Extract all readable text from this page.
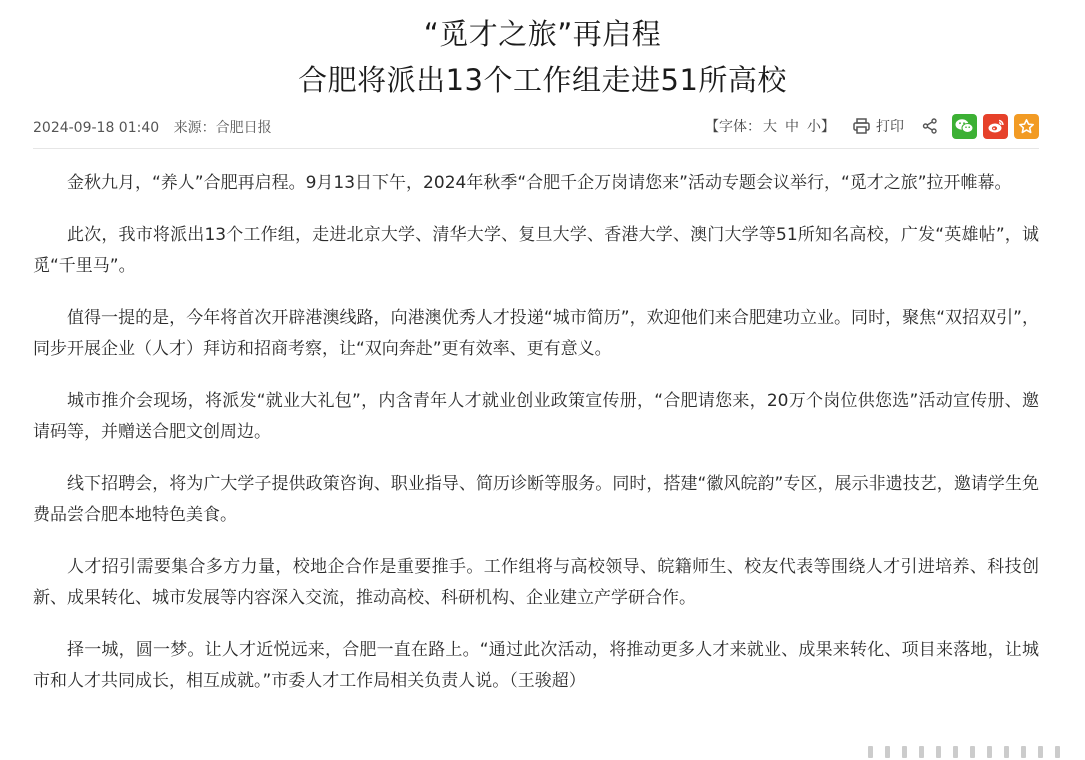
“觅才之旅”再启程
合肥将派出13个工作组走进51所高校
2024-09-18 01:40 来源：合肥日报	【字体： 大 中 小】	打印

金秋九月，“养人”合肥再启程。9月13日下午，2024年秋季“合肥千企万岗请您来”活动专题会议举行，“觅才之旅”拉开帷幕。

此次，我市将派出13个工作组，走进北京大学、清华大学、复旦大学、香港大学、澳门大学等51所知名高校，广发“英雄帖”，诚觅“千里马”。

值得一提的是，今年将首次开辟港澳线路，向港澳优秀人才投递“城市简历”，欢迎他们来合肥建功立业。同时，聚焦“双招双引”，同步开展企业（人才）拜访和招商考察，让“双向奔赴”更有效率、更有意义。

城市推介会现场，将派发“就业大礼包”，内含青年人才就业创业政策宣传册，“合肥请您来，20万个岗位供您选”活动宣传册、邀请码等，并赠送合肥文创周边。

线下招聘会，将为广大学子提供政策咨询、职业指导、简历诊断等服务。同时，搭建“徽风皖韵”专区，展示非遗技艺，邀请学生免费品尝合肥本地特色美食。

人才招引需要集合多方力量，校地企合作是重要推手。工作组将与高校领导、皖籍师生、校友代表等围绕人才引进培养、科技创新、成果转化、城市发展等内容深入交流，推动高校、科研机构、企业建立产学研合作。

择一城，圆一梦。让人才近悦远来，合肥一直在路上。“通过此次活动，将推动更多人才来就业、成果来转化、项目来落地，让城市和人才共同成长，相互成就。”市委人才工作局相关负责人说。（王骏超）
